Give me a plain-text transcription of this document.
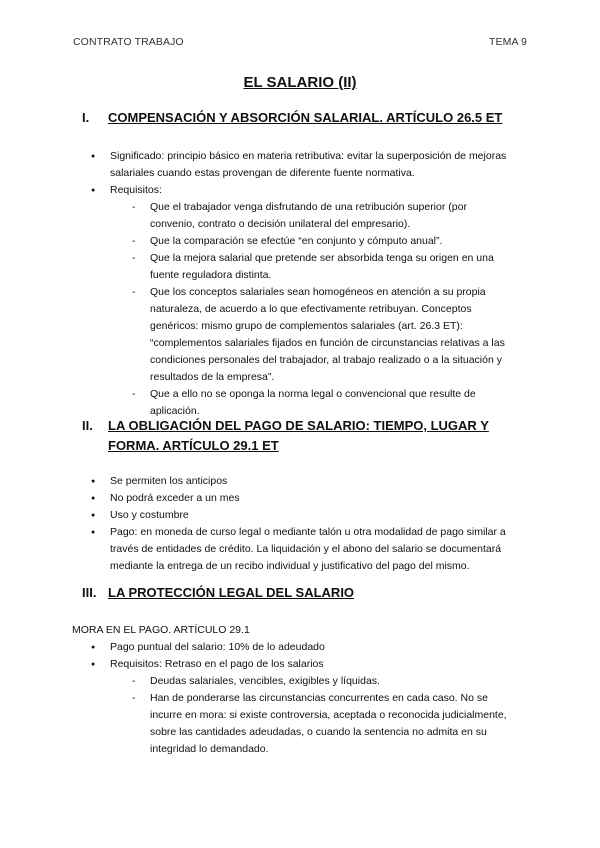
CONTRATO TRABAJO	TEMA 9
EL SALARIO (II)
I. COMPENSACIÓN Y ABSORCIÓN SALARIAL. ARTÍCULO 26.5 ET
● Significado: principio básico en materia retributiva: evitar la superposición de mejoras salariales cuando estas provengan de diferente fuente normativa.
● Requisitos:
- Que el trabajador venga disfrutando de una retribución superior (por convenio, contrato o decisión unilateral del empresario).
- Que la comparación se efectúe “en conjunto y cómputo anual”.
- Que la mejora salarial que pretende ser absorbida tenga su origen en una fuente reguladora distinta.
- Que los conceptos salariales sean homogéneos en atención a su propia naturaleza, de acuerdo a lo que efectivamente retribuyan. Conceptos genéricos: mismo grupo de complementos salariales (art. 26.3 ET): “complementos salariales fijados en función de circunstancias relativas a las condiciones personales del trabajador, al trabajo realizado o a la situación y resultados de la empresa”.
- Que a ello no se oponga la norma legal o convencional que resulte de aplicación.
II. LA OBLIGACIÓN DEL PAGO DE SALARIO: TIEMPO, LUGAR Y FORMA. ARTÍCULO 29.1 ET
● Se permiten los anticipos
● No podrá exceder a un mes
● Uso y costumbre
● Pago: en moneda de curso legal o mediante talón u otra modalidad de pago similar a través de entidades de crédito. La liquidación y el abono del salario se documentará mediante la entrega de un recibo individual y justificativo del pago del mismo.
III. LA PROTECCIÓN LEGAL DEL SALARIO
MORA EN EL PAGO. ARTÍCULO 29.1
● Pago puntual del salario: 10% de lo adeudado
● Requisitos: Retraso en el pago de los salarios
- Deudas salariales, vencibles, exigibles y líquidas.
- Han de ponderarse las circunstancias concurrentes en cada caso. No se incurre en mora: si existe controversia, aceptada o reconocida judicialmente, sobre las cantidades adeudadas, o cuando la sentencia no admita en su integridad lo demandado.
